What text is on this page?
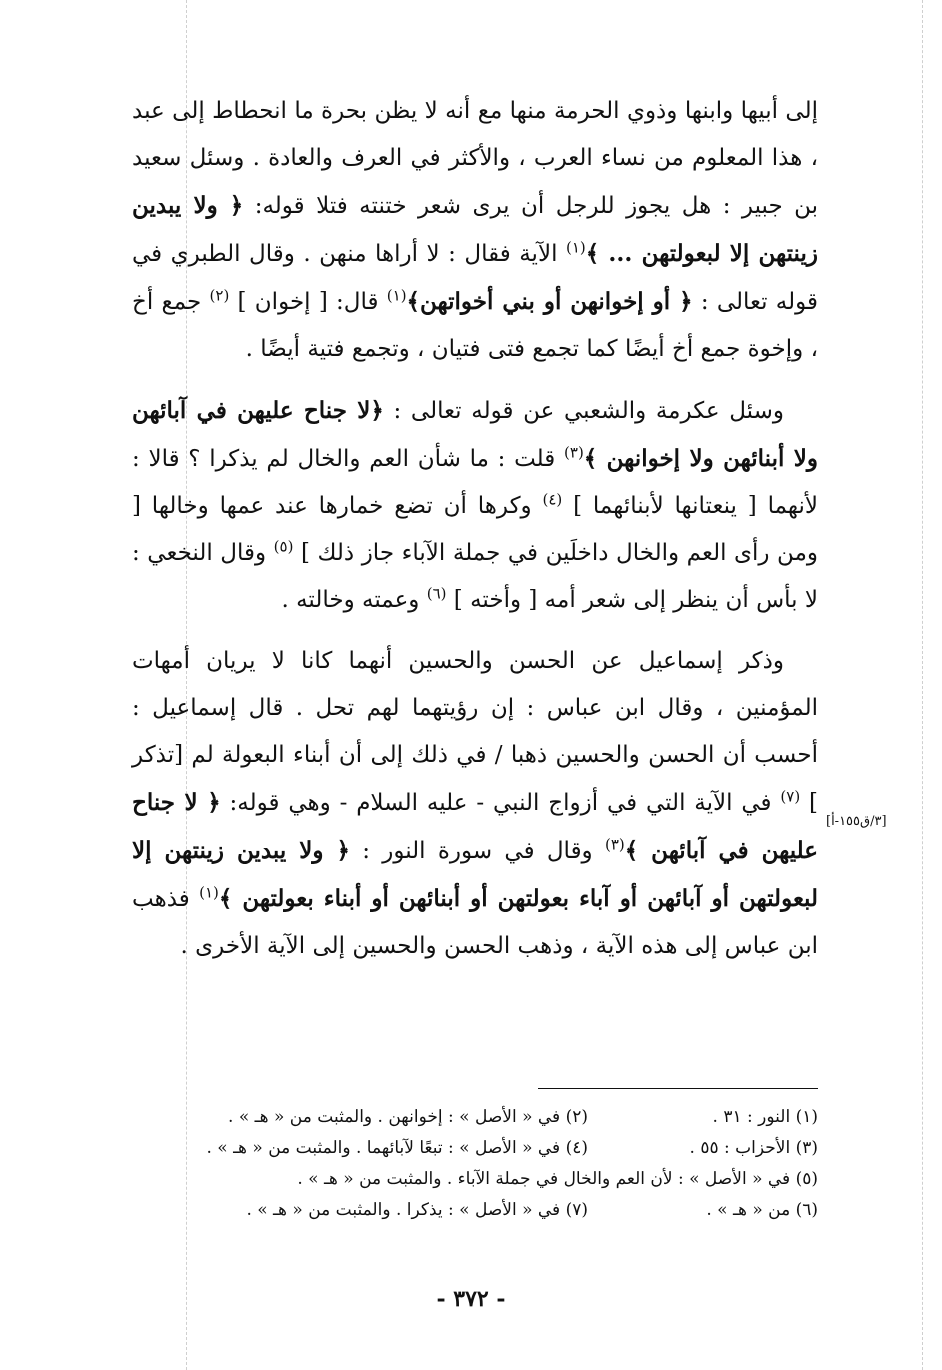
إلى أبيها وابنها وذوي الحرمة منها مع أنه لا يظن بحرة ما انحطاط إلى عبد ، هذا المعلوم من نساء العرب ، والأكثر في العرف والعادة . وسئل سعيد بن جبير : هل يجوز للرجل أن يرى شعر ختنته فتلا قوله: ﴿ ولا يبدين زينتهن إلا لبعولتهن ... ﴾$^{(١)}$ الآية فقال : لا أراها منهن . وقال الطبري في قوله تعالى : ﴿ أو إخوانهن أو بني أخواتهن﴾$^{(١)}$ قال: [ إخوان ] $^{(٢)}$ جمع أخ ، وإخوة جمع أخ أيضًا كما تجمع فتى فتيان ، وتجمع فتية أيضًا .

وسئل عكرمة والشعبي عن قوله تعالى : ﴿لا جناح عليهن في آبائهن ولا أبنائهن ولا إخوانهن ﴾$^{(٣)}$ قلت : ما شأن العم والخال لم يذكرا ؟ قالا : لأنهما [ ينعتانها لأبنائهما ] $^{(٤)}$ وكرها أن تضع خمارها عند عمها وخالها [ ومن رأى العم والخال داخلَين في جملة الآباء جاز ذلك ] $^{(٥)}$ وقال النخعي : لا بأس أن ينظر إلى شعر أمه [ وأخته ] $^{(٦)}$ وعمته وخالته .

وذكر إسماعيل عن الحسن والحسين أنهما كانا لا يريان أمهات المؤمنين ، وقال ابن عباس : إن رؤيتهما لهم تحل . قال إسماعيل : أحسب أن الحسن والحسين ذهبا / في ذلك إلى أن أبناء البعولة لم [تذكر ] $^{(٧)}$ في الآية التي في أزواج النبي - عليه السلام - وهي قوله: ﴿ لا جناح عليهن في آبائهن ﴾$^{(٣)}$ وقال في سورة النور : ﴿ ولا يبدين زينتهن إلا لبعولتهن أو آبائهن أو آباء بعولتهن أو أبنائهن أو أبناء بعولتهن ﴾$^{(١)}$ فذهب ابن عباس إلى هذه الآية ، وذهب الحسن والحسين إلى الآية الأخرى .

[٣/ق١٥٥-أ]
(١) النور : ٣١ .
(٢) في « الأصل » : إخوانهن . والمثبت من « هـ » .
(٣) الأحزاب : ٥٥ .
(٤) في « الأصل » : تبعًا لآبائهما . والمثبت من « هـ » .
(٥) في « الأصل » : لأن العم والخال في جملة الآباء . والمثبت من « هـ » .
(٦) من « هـ » .
(٧) في « الأصل » : يذكرا . والمثبت من « هـ » .
- ٣٧٢ -
